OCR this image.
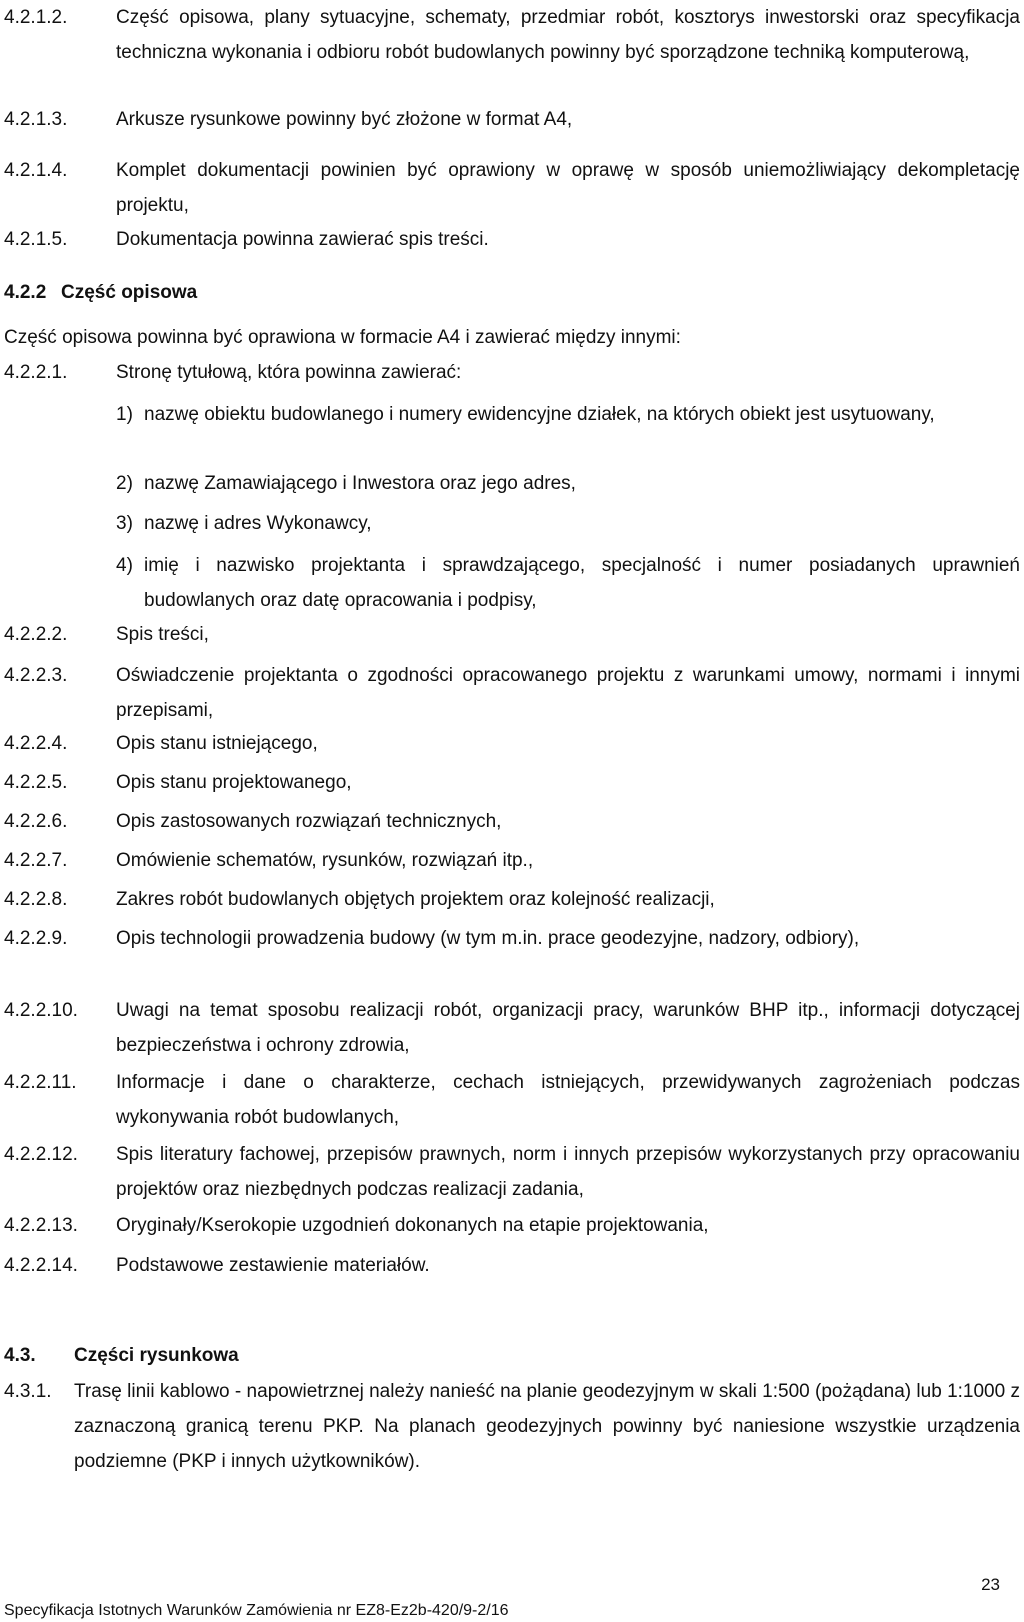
4.2.1.2.	Część opisowa, plany sytuacyjne, schematy, przedmiar robót, kosztorys inwestorski oraz specyfikacja techniczna wykonania i odbioru robót budowlanych powinny być sporządzone techniką komputerową,
4.2.1.3.	Arkusze rysunkowe powinny być złożone w format A4,
4.2.1.4.	Komplet dokumentacji powinien być oprawiony w oprawę w sposób uniemożliwiający dekompletację projektu,
4.2.1.5.	Dokumentacja powinna zawierać spis treści.
4.2.2 Część opisowa
Część opisowa powinna być oprawiona w formacie A4 i zawierać między innymi:
4.2.2.1.	Stronę tytułową, która powinna zawierać:
1) nazwę obiektu budowlanego i numery ewidencyjne działek, na których obiekt jest usytuowany,
2) nazwę Zamawiającego i Inwestora oraz jego adres,
3) nazwę i adres Wykonawcy,
4) imię i nazwisko projektanta i sprawdzającego, specjalność i numer posiadanych uprawnień budowlanych oraz datę opracowania i podpisy,
4.2.2.2.	Spis treści,
4.2.2.3.	Oświadczenie projektanta o zgodności opracowanego projektu z warunkami umowy, normami i innymi przepisami,
4.2.2.4.	Opis stanu istniejącego,
4.2.2.5.	Opis stanu projektowanego,
4.2.2.6.	Opis zastosowanych rozwiązań technicznych,
4.2.2.7.	Omówienie schematów, rysunków, rozwiązań itp.,
4.2.2.8.	Zakres robót budowlanych objętych projektem oraz kolejność realizacji,
4.2.2.9.	Opis technologii prowadzenia budowy (w tym m.in. prace geodezyjne, nadzory, odbiory),
4.2.2.10.	Uwagi na temat sposobu realizacji robót, organizacji pracy, warunków BHP itp., informacji dotyczącej bezpieczeństwa i ochrony zdrowia,
4.2.2.11.	Informacje i dane o charakterze, cechach istniejących, przewidywanych zagrożeniach podczas wykonywania robót budowlanych,
4.2.2.12.	Spis literatury fachowej, przepisów prawnych, norm i innych przepisów wykorzystanych przy opracowaniu projektów oraz niezbędnych podczas realizacji zadania,
4.2.2.13.	Oryginały/Kserokopie uzgodnień dokonanych na etapie projektowania,
4.2.2.14.	Podstawowe zestawienie materiałów.
4.3.	Części rysunkowa
4.3.1.	Trasę linii kablowo - napowietrznej należy nanieść na planie geodezyjnym w skali 1:500 (pożądana) lub 1:1000 z zaznaczoną granicą terenu PKP. Na planach geodezyjnych powinny być naniesione wszystkie urządzenia podziemne (PKP i innych użytkowników).
23
Specyfikacja Istotnych Warunków Zamówienia nr EZ8-Ez2b-420/9-2/16
